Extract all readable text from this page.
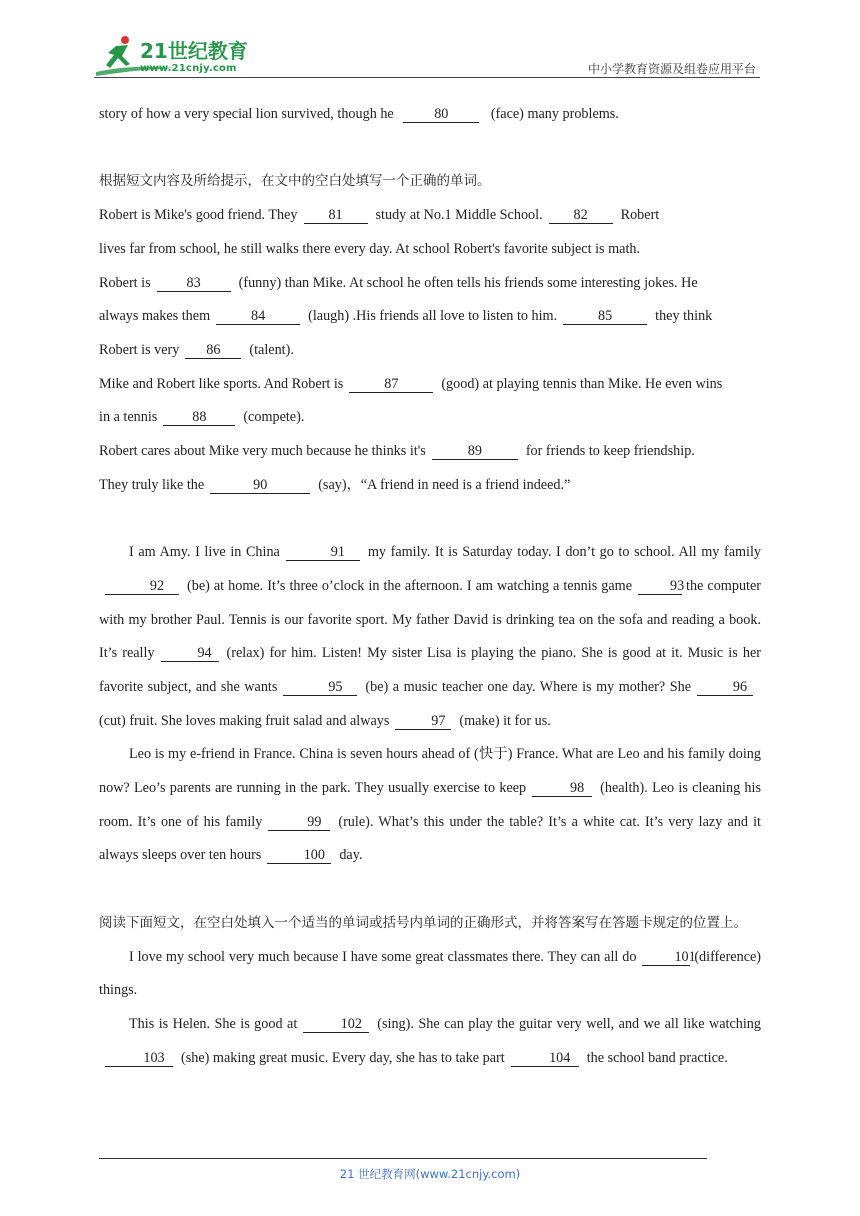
21世纪教育
www.21cnjy.com	中小学教育资源及组卷应用平台

story of how a very special lion survived, though he	80	(face) many problems.

根据短文内容及所给提示，在文中的空白处填写一个正确的单词。

Robert is Mike's good friend. They 81 study at No.1 Middle School. 82 Robert

lives far from school, he still walks there every day. At school Robert's favorite subject is math.

Robert is	83	(funny) than Mike. At school he often tells his friends some interesting jokes. He

always makes them	84	(laugh) .His friends all love to listen to him.	85	they think

Robert is very 86 (talent).

Mike and Robert like sports. And Robert is	87	(good) at playing tennis than Mike. He even wins

in a tennis 88	(compete).

Robert cares about Mike very much because he thinks it's	89	for friends to keep friendship.

They truly like the	90	(say)，“A friend in need is a friend indeed.”

I am Amy. I live in China	91 my family. It is Saturday today. I don’t go to school. All my family92 (be) at home. It’s three o’clock in the afternoon. I am watching a tennis game	93 the computer with my brother Paul. Tennis is our favorite sport. My father David is drinking tea on the sofa and reading a book. It’s really	94 (relax) for him. Listen! My sister Lisa is playing the piano. She is good at it. Music is her favorite subject, and she wants	95 (be) a music teacher one day. Where is my mother? She	96(cut) fruit. She loves making fruit salad and always	97 (make) it for us.

Leo is my e-friend in France. China is seven hours ahead of (快于) France. What are Leo and his family doing now? Leo’s parents are running in the park. They usually exercise to keep	98 (health). Leo is cleaning his room. It’s one of his family	99 (rule). What’s this under the table? It’s a white cat. It’s very lazy and it always sleeps over ten hours	100 day.

阅读下面短文，在空白处填入一个适当的单词或括号内单词的正确形式，并将答案写在答题卡规定的位置上。

I love my school very much because I have some great classmates there. They can all do	101 (difference) things.

This is Helen. She is good at	102 (sing). She can play the guitar very well, and we all like watching103 (she) making great music. Every day, she has to take part	104 the school band practice.

21 世纪教育网(www.21cnjy.com)
